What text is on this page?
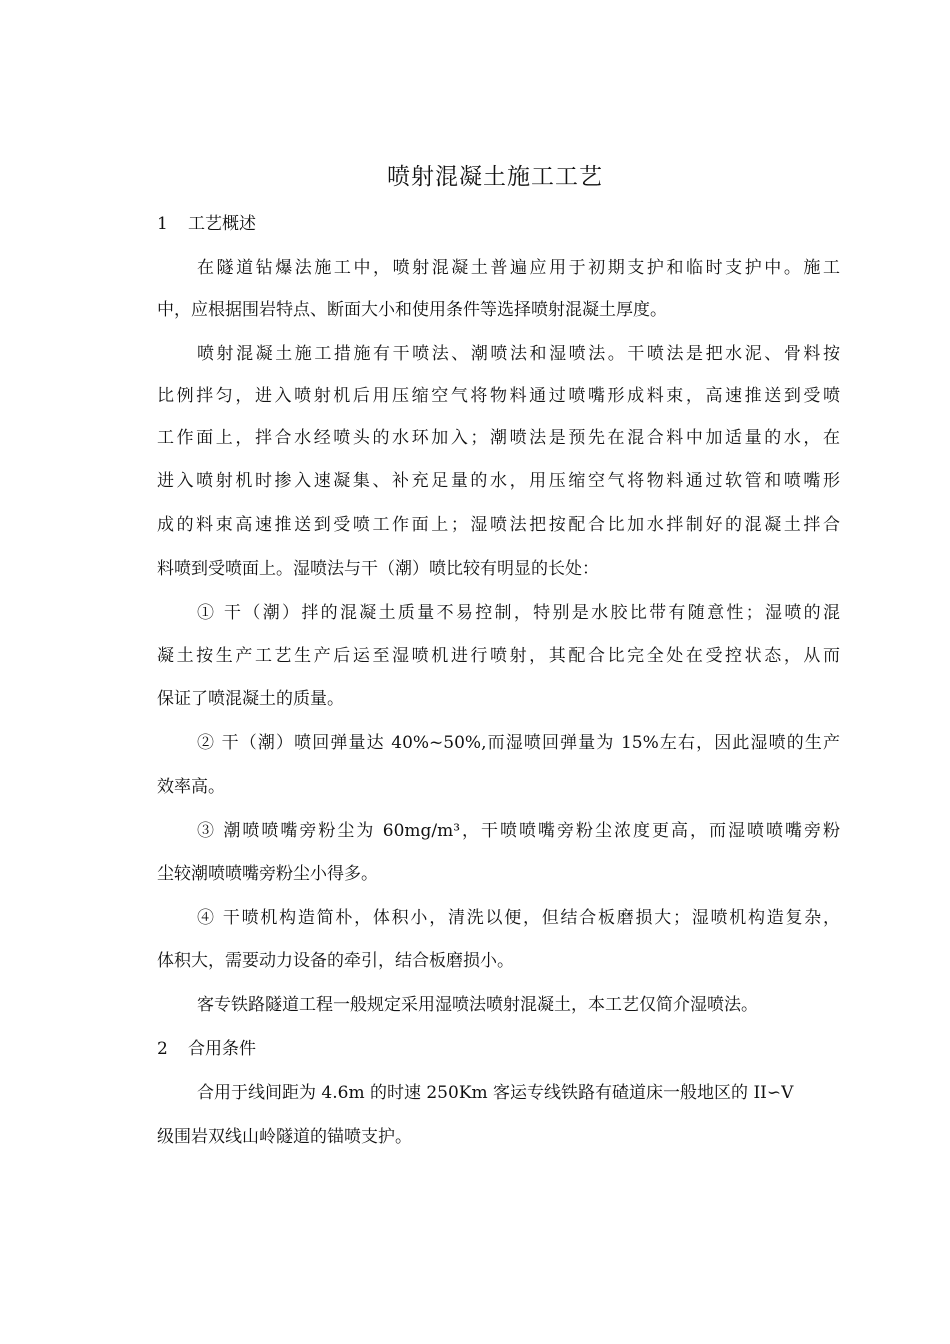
喷射混凝土施工工艺
1 工艺概述
在隧道钻爆法施工中，喷射混凝土普遍应用于初期支护和临时支护中。施工
中，应根据围岩特点、断面大小和使用条件等选择喷射混凝土厚度。
喷射混凝土施工措施有干喷法、潮喷法和湿喷法。干喷法是把水泥、骨料按
比例拌匀，进入喷射机后用压缩空气将物料通过喷嘴形成料束，高速推送到受喷
工作面上，拌合水经喷头的水环加入；潮喷法是预先在混合料中加适量的水，在
进入喷射机时掺入速凝集、补充足量的水，用压缩空气将物料通过软管和喷嘴形
成的料束高速推送到受喷工作面上；湿喷法把按配合比加水拌制好的混凝土拌合
料喷到受喷面上。湿喷法与干（潮）喷比较有明显的长处：
① 干（潮）拌的混凝土质量不易控制，特别是水胶比带有随意性；湿喷的混
凝土按生产工艺生产后运至湿喷机进行喷射，其配合比完全处在受控状态，从而
保证了喷混凝土的质量。
② 干（潮）喷回弹量达 40%~50%,而湿喷回弹量为 15%左右，因此湿喷的生产
效率高。
③ 潮喷喷嘴旁粉尘为 60mg/m³，干喷喷嘴旁粉尘浓度更高，而湿喷喷嘴旁粉
尘较潮喷喷嘴旁粉尘小得多。
④ 干喷机构造简朴，体积小，清洗以便，但结合板磨损大；湿喷机构造复杂，
体积大，需要动力设备的牵引，结合板磨损小。
客专铁路隧道工程一般规定采用湿喷法喷射混凝土，本工艺仅简介湿喷法。
2 合用条件
合用于线间距为 4.6m 的时速 250Km 客运专线铁路有碴道床一般地区的 II∽V
级围岩双线山岭隧道的锚喷支护。
